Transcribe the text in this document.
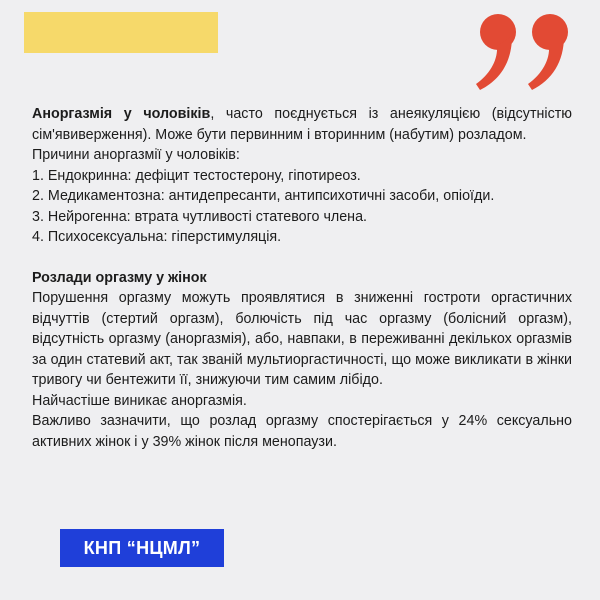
Аноргазмія у чоловіків, часто поєднується із анеякуляцією (відсутністю сім'явиверження). Може бути первинним і вторинним (набутим) розладом.

Причини аноргазмії у чоловіків:

1. Ендокринна: дефіцит тестостерону, гіпотиреоз.

2. Медикаментозна: антидепресанти, антипсихотичні засоби, опіоїди.

3. Нейрогенна: втрата чутливості статевого члена.

4. Психосексуальна: гіперстимуляція.

Розлади оргазму у жінок

Порушення оргазму можуть проявлятися в зниженні гостроти оргастичних відчуттів (стертий оргазм), болючість під час оргазму (болісний оргазм), відсутність оргазму (аноргазмія), або, навпаки, в переживанні декількох оргазмів за один статевий акт, так званій мультиоргастичності, що може викликати в жінки тривогу чи бентежити її, знижуючи тим самим лібідо.

Найчастіше виникає аноргазмія.

Важливо зазначити, що розлад оргазму спостерігається у 24% сексуально активних жінок і у 39% жінок після менопаузи.

КНП “НЦМЛ”
